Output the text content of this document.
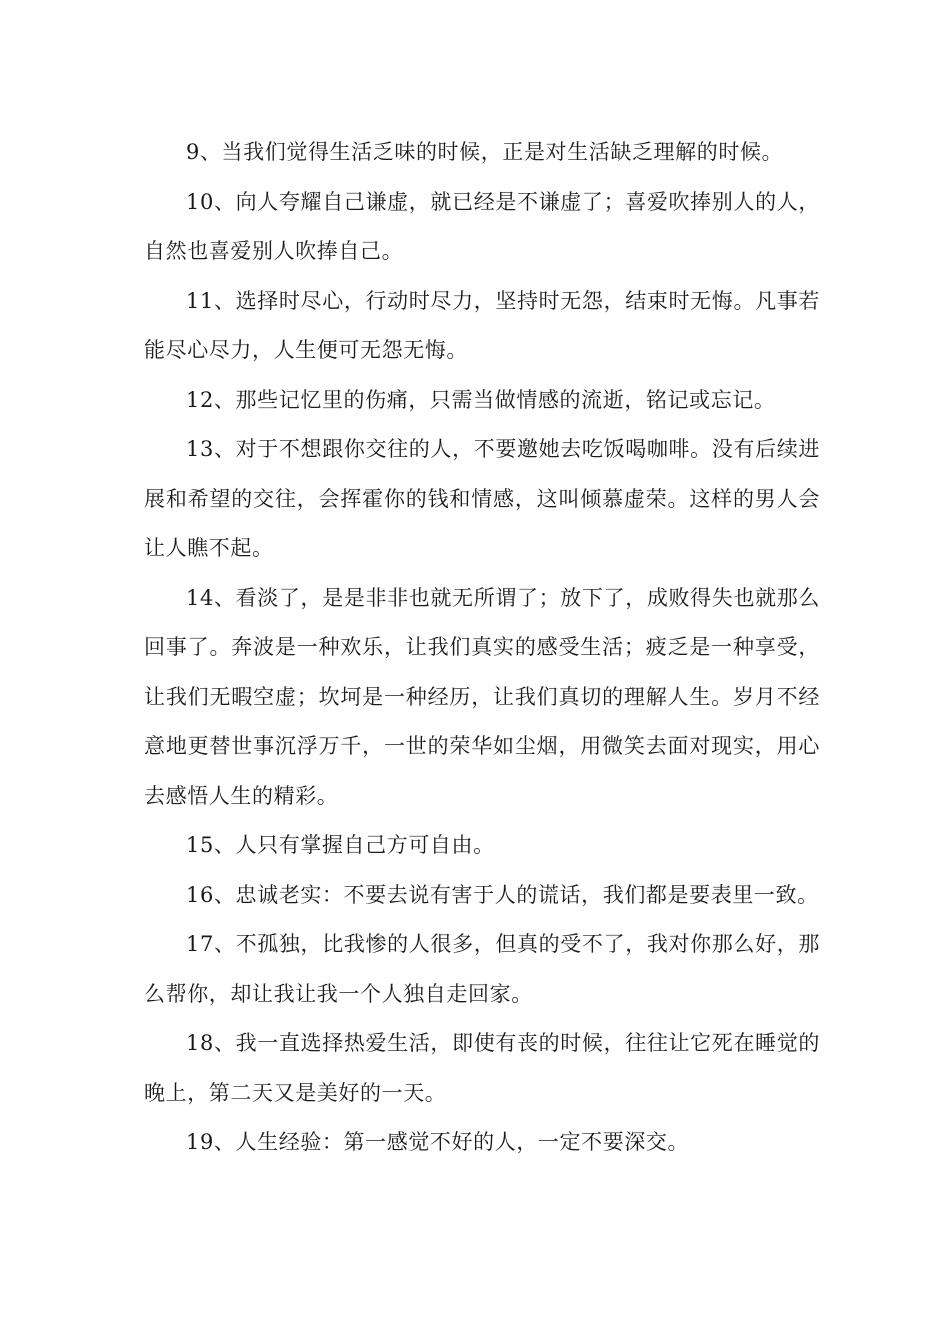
9、当我们觉得生活乏味的时候，正是对生活缺乏理解的时候。

10、向人夸耀自己谦虚，就已经是不谦虚了；喜爱吹捧别人的人，自然也喜爱别人吹捧自己。

11、选择时尽心，行动时尽力，坚持时无怨，结束时无悔。凡事若能尽心尽力，人生便可无怨无悔。

12、那些记忆里的伤痛，只需当做情感的流逝，铭记或忘记。

13、对于不想跟你交往的人，不要邀她去吃饭喝咖啡。没有后续进展和希望的交往，会挥霍你的钱和情感，这叫倾慕虚荣。这样的男人会让人瞧不起。

14、看淡了，是是非非也就无所谓了；放下了，成败得失也就那么回事了。奔波是一种欢乐，让我们真实的感受生活；疲乏是一种享受，让我们无暇空虚；坎坷是一种经历，让我们真切的理解人生。岁月不经意地更替世事沉浮万千，一世的荣华如尘烟，用微笑去面对现实，用心去感悟人生的精彩。

15、人只有掌握自己方可自由。

16、忠诚老实：不要去说有害于人的谎话，我们都是要表里一致。

17、不孤独，比我惨的人很多，但真的受不了，我对你那么好，那么帮你，却让我让我一个人独自走回家。

18、我一直选择热爱生活，即使有丧的时候，往往让它死在睡觉的晚上，第二天又是美好的一天。

19、人生经验：第一感觉不好的人，一定不要深交。
